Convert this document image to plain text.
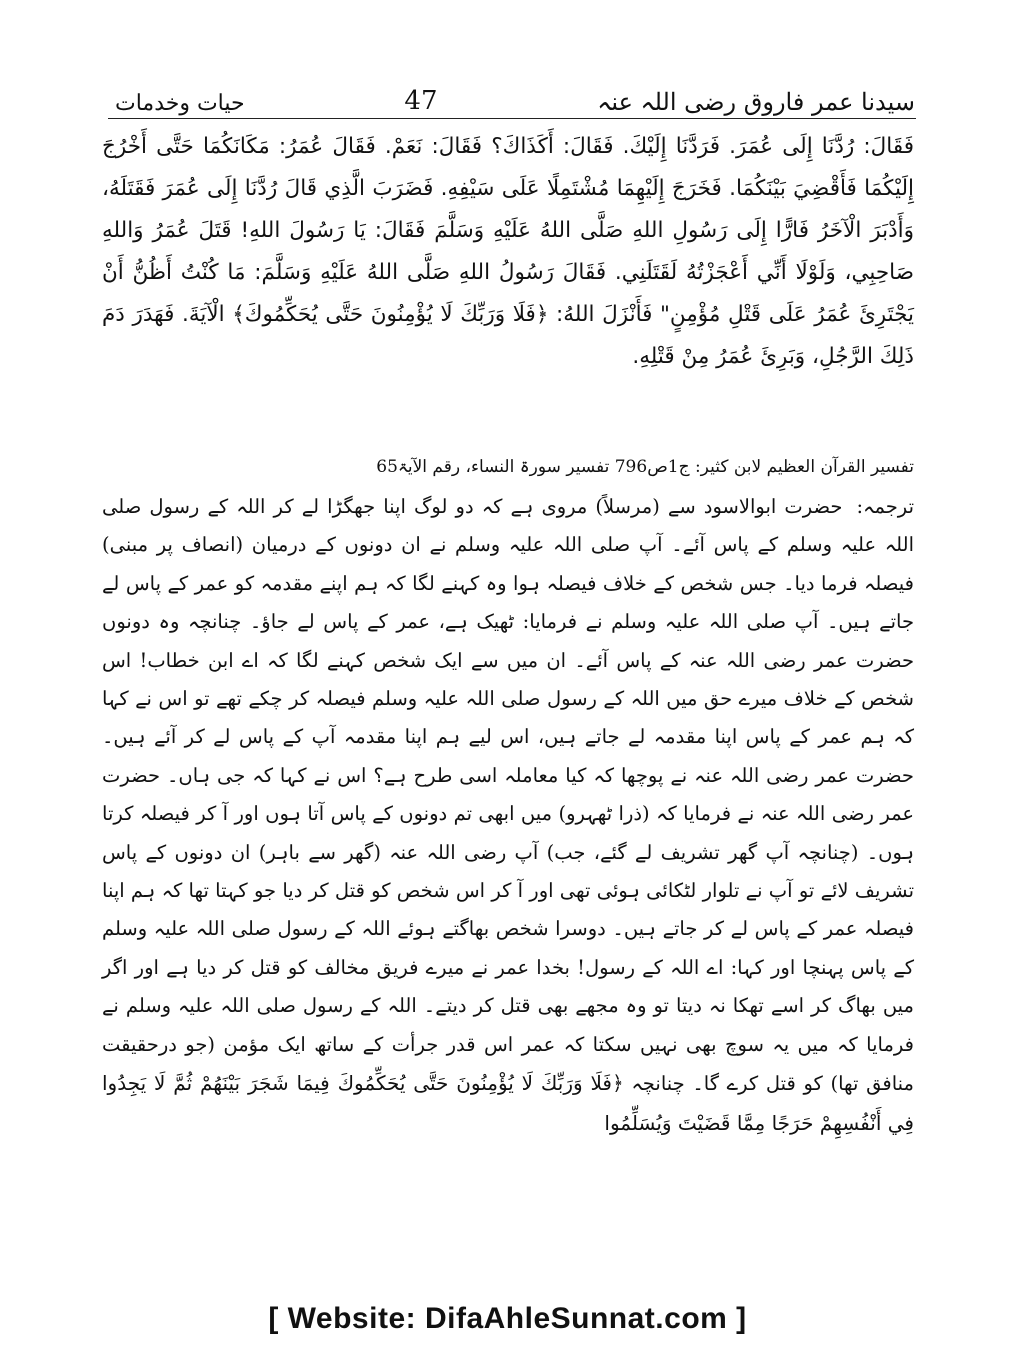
حیات وخدمات	47	سیدنا عمر فاروق رضی اللہ عنہ
فَقَالَ: رُدَّنَا إِلَى عُمَرَ. فَرَدَّنَا إِلَيْكَ. فَقَالَ: أَكَذَاكَ؟ فَقَالَ: نَعَمْ. فَقَالَ عُمَرُ: مَكَانَكُمَا حَتَّى أَخْرُجَ إِلَيْكُمَا فَأَقْضِيَ بَيْنَكُمَا. فَخَرَجَ إِلَيْهِمَا مُشْتَمِلًا عَلَى سَيْفِهِ. فَضَرَبَ الَّذِي قَالَ رُدَّنَا إِلَى عُمَرَ فَقَتَلَهُ، وَأَدْبَرَ الْآخَرُ فَارًّا إِلَى رَسُولِ اللهِ صَلَّى اللهُ عَلَيْهِ وَسَلَّمَ فَقَالَ: يَا رَسُولَ اللهِ! قَتَلَ عُمَرُ وَاللهِ صَاحِبِي، وَلَوْلَا أَنِّي أَعْجَزْتُهُ لَقَتَلَنِي. فَقَالَ رَسُولُ اللهِ صَلَّى اللهُ عَلَيْهِ وَسَلَّمَ: مَا كُنْتُ أَظُنُّ أَنْ يَجْتَرِئَ عُمَرُ عَلَى قَتْلِ مُؤْمِنٍ" فَأَنْزَلَ اللهُ: ﴿فَلَا وَرَبِّكَ لَا يُؤْمِنُونَ حَتَّى يُحَكِّمُوكَ﴾ الْآيَةَ. فَهَدَرَ دَمَ ذَلِكَ الرَّجُلِ، وَبَرِئَ عُمَرُ مِنْ قَتْلِهِ.
تفسیر القرآن العظیم لابن کثیر: ج1ص796 تفسیر سورۃ النساء، رقم الآیۃ65
ترجمہ:حضرت ابوالاسود سے (مرسلاً) مروی ہے کہ دو لوگ اپنا جھگڑا لے کر اللہ کے رسول صلی اللہ علیہ وسلم کے پاس آئے۔ آپ صلی اللہ علیہ وسلم نے ان دونوں کے درمیان (انصاف پر مبنی) فیصلہ فرما دیا۔ جس شخص کے خلاف فیصلہ ہوا وہ کہنے لگا کہ ہم اپنے مقدمہ کو عمر کے پاس لے جاتے ہیں۔ آپ صلی اللہ علیہ وسلم نے فرمایا: ٹھیک ہے، عمر کے پاس لے جاؤ۔ چنانچہ وہ دونوں حضرت عمر رضی اللہ عنہ کے پاس آئے۔ ان میں سے ایک شخص کہنے لگا کہ اے ابن خطاب! اس شخص کے خلاف میرے حق میں اللہ کے رسول صلی اللہ علیہ وسلم فیصلہ کر چکے تھے تو اس نے کہا کہ ہم عمر کے پاس اپنا مقدمہ لے جاتے ہیں، اس لیے ہم اپنا مقدمہ آپ کے پاس لے کر آئے ہیں۔ حضرت عمر رضی اللہ عنہ نے پوچھا کہ کیا معاملہ اسی طرح ہے؟ اس نے کہا کہ جی ہاں۔ حضرت عمر رضی اللہ عنہ نے فرمایا کہ (ذرا ٹھہرو) میں ابھی تم دونوں کے پاس آتا ہوں اور آ کر فیصلہ کرتا ہوں۔ (چنانچہ آپ گھر تشریف لے گئے، جب) آپ رضی اللہ عنہ (گھر سے باہر) ان دونوں کے پاس تشریف لائے تو آپ نے تلوار لٹکائی ہوئی تھی اور آ کر اس شخص کو قتل کر دیا جو کہتا تھا کہ ہم اپنا فیصلہ عمر کے پاس لے کر جاتے ہیں۔ دوسرا شخص بھاگتے ہوئے اللہ کے رسول صلی اللہ علیہ وسلم کے پاس پہنچا اور کہا: اے اللہ کے رسول! بخدا عمر نے میرے فریق مخالف کو قتل کر دیا ہے اور اگر میں بھاگ کر اسے تھکا نہ دیتا تو وہ مجھے بھی قتل کر دیتے۔ اللہ کے رسول صلی اللہ علیہ وسلم نے فرمایا کہ میں یہ سوچ بھی نہیں سکتا کہ عمر اس قدر جرأت کے ساتھ ایک مؤمن (جو درحقیقت منافق تھا) کو قتل کرے گا۔ چنانچہ ﴿فَلَا وَرَبِّكَ لَا يُؤْمِنُونَ حَتَّى يُحَكِّمُوكَ فِيمَا شَجَرَ بَيْنَهُمْ ثُمَّ لَا يَجِدُوا فِي أَنْفُسِهِمْ حَرَجًا مِمَّا قَضَيْتَ وَيُسَلِّمُوا
[ Website: DifaAhleSunnat.com ]
